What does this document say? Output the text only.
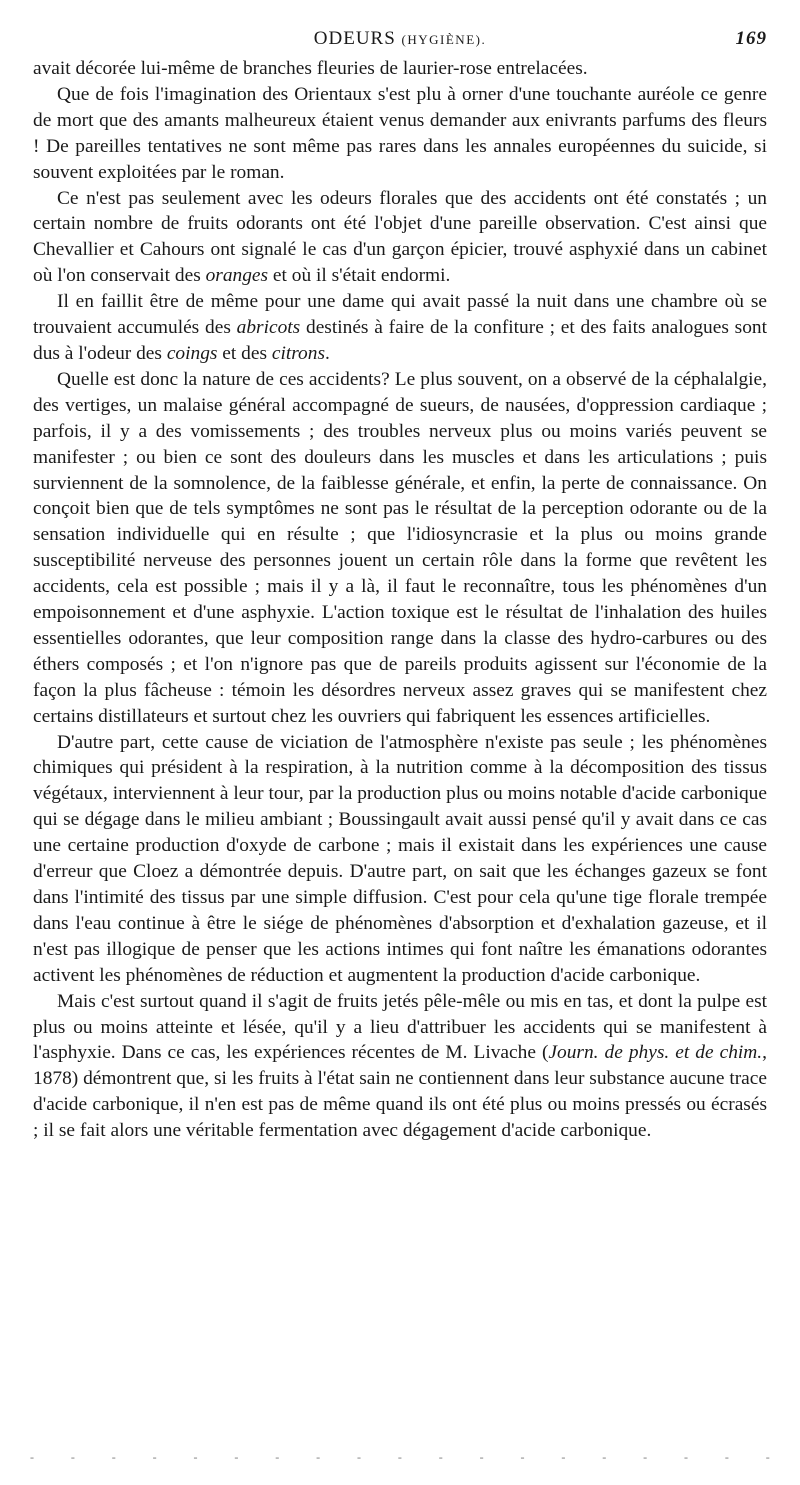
ODEURS (HYGIÈNE).	169

avait décorée lui-même de branches fleuries de laurier-rose entrelacées.

Que de fois l'imagination des Orientaux s'est plu à orner d'une touchante auréole ce genre de mort que des amants malheureux étaient venus demander aux enivrants parfums des fleurs ! De pareilles tentatives ne sont même pas rares dans les annales européennes du suicide, si souvent exploitées par le roman.

Ce n'est pas seulement avec les odeurs florales que des accidents ont été constatés ; un certain nombre de fruits odorants ont été l'objet d'une pareille observation. C'est ainsi que Chevallier et Cahours ont signalé le cas d'un garçon épicier, trouvé asphyxié dans un cabinet où l'on conservait des oranges et où il s'était endormi.

Il en faillit être de même pour une dame qui avait passé la nuit dans une chambre où se trouvaient accumulés des abricots destinés à faire de la confiture ; et des faits analogues sont dus à l'odeur des coings et des citrons.

Quelle est donc la nature de ces accidents? Le plus souvent, on a observé de la céphalalgie, des vertiges, un malaise général accompagné de sueurs, de nausées, d'oppression cardiaque ; parfois, il y a des vomissements ; des troubles nerveux plus ou moins variés peuvent se manifester ; ou bien ce sont des douleurs dans les muscles et dans les articulations ; puis surviennent de la somnolence, de la faiblesse générale, et enfin, la perte de connaissance. On conçoit bien que de tels symptômes ne sont pas le résultat de la perception odorante ou de la sensation individuelle qui en résulte ; que l'idiosyncrasie et la plus ou moins grande susceptibilité nerveuse des personnes jouent un certain rôle dans la forme que revêtent les accidents, cela est possible ; mais il y a là, il faut le reconnaître, tous les phénomènes d'un empoisonnement et d'une asphyxie. L'action toxique est le résultat de l'inhalation des huiles essentielles odorantes, que leur composition range dans la classe des hydro-carbures ou des éthers composés ; et l'on n'ignore pas que de pareils produits agissent sur l'économie de la façon la plus fâcheuse : témoin les désordres nerveux assez graves qui se manifestent chez certains distillateurs et surtout chez les ouvriers qui fabriquent les essences artificielles.

D'autre part, cette cause de viciation de l'atmosphère n'existe pas seule ; les phénomènes chimiques qui président à la respiration, à la nutrition comme à la décomposition des tissus végétaux, interviennent à leur tour, par la production plus ou moins notable d'acide carbonique qui se dégage dans le milieu ambiant ; Boussingault avait aussi pensé qu'il y avait dans ce cas une certaine production d'oxyde de carbone ; mais il existait dans les expériences une cause d'erreur que Cloez a démontrée depuis. D'autre part, on sait que les échanges gazeux se font dans l'intimité des tissus par une simple diffusion. C'est pour cela qu'une tige florale trempée dans l'eau continue à être le siége de phénomènes d'absorption et d'exhalation gazeuse, et il n'est pas illogique de penser que les actions intimes qui font naître les émanations odorantes activent les phénomènes de réduction et augmentent la production d'acide carbonique.

Mais c'est surtout quand il s'agit de fruits jetés pêle-mêle ou mis en tas, et dont la pulpe est plus ou moins atteinte et lésée, qu'il y a lieu d'attribuer les accidents qui se manifestent à l'asphyxie. Dans ce cas, les expériences récentes de M. Livache (Journ. de phys. et de chim., 1878) démontrent que, si les fruits à l'état sain ne contiennent dans leur substance aucune trace d'acide carbonique, il n'en est pas de même quand ils ont été plus ou moins pressés ou écrasés ; il se fait alors une véritable fermentation avec dégagement d'acide carbonique.

-	-	-	-	-	-	-	-	-	-	-	-	-	-	-	-	-	-	-
